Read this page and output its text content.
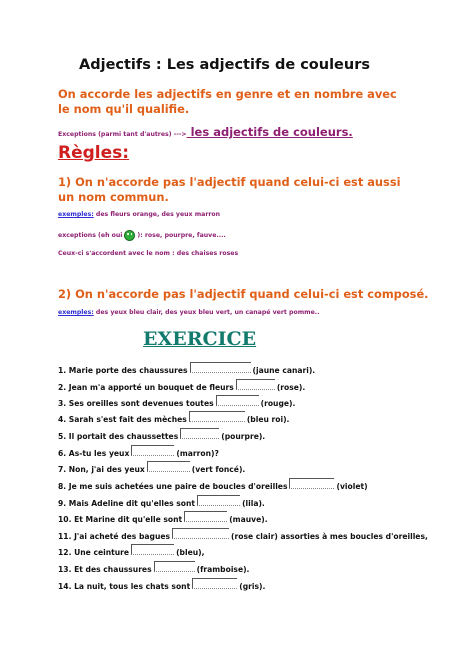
Adjectifs : Les adjectifs de couleurs
On accorde les adjectifs en genre et en nombre avec le nom qu'il qualifie.
Exceptions (parmi tant d'autres) ---> les adjectifs de couleurs.
Règles:
1) On n'accorde pas l'adjectif quand celui-ci est aussi un nom commun.
exemples: des fleurs orange, des yeux marron
exceptions (eh oui ): rose, pourpre, fauve....
Ceux-ci s'accordent avec le nom : des chaises roses
2) On n'accorde pas l'adjectif quand celui-ci est composé.
exemples: des yeux bleu clair, des yeux bleu vert, un canapé vert pomme..
EXERCICE
1. Marie porte des chaussures	(jaune canari).
2. Jean m'a apporté un bouquet de fleurs	(rose).
3. Ses oreilles sont devenues toutes	(rouge).
4. Sarah s'est fait des mèches	(bleu roi).
5. Il portait des chaussettes	(pourpre).
6. As-tu les yeux	(marron)?
7. Non, j'ai des yeux	(vert foncé).
8. Je me suis achetées une paire de boucles d'oreilles	(violet)
9. Mais Adeline dit qu'elles sont	(lila).
10. Et Marine dit qu'elle sont	(mauve).
11. J'ai acheté des bagues	(rose clair) assorties à mes boucles d'oreilles,
12. Une ceinture	(bleu),
13. Et des chaussures	(framboise).
14. La nuit, tous les chats sont	(gris).
